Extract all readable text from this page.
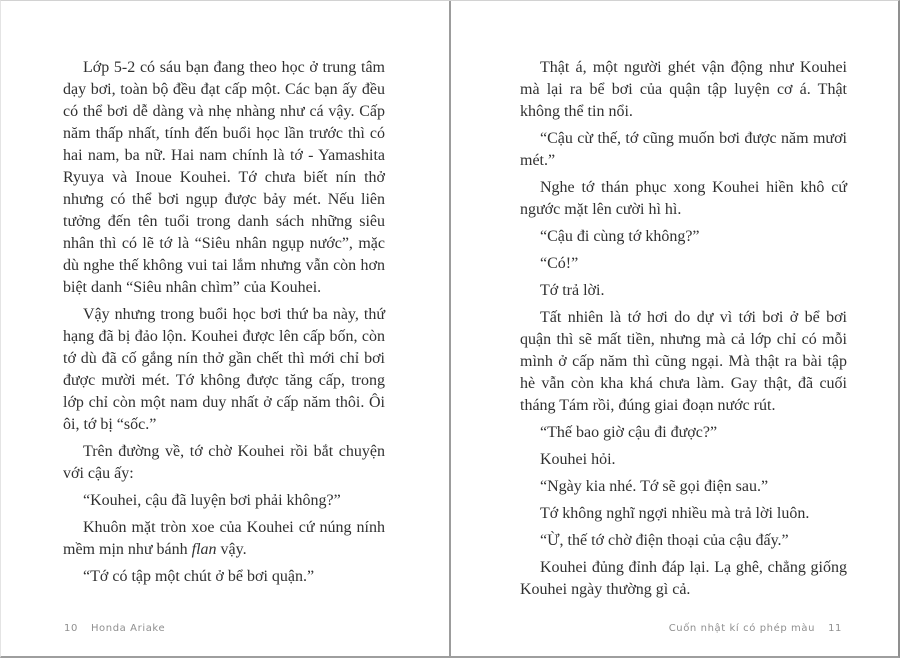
Lớp 5-2 có sáu bạn đang theo học ở trung tâm dạy bơi, toàn bộ đều đạt cấp một. Các bạn ấy đều có thể bơi dễ dàng và nhẹ nhàng như cá vậy. Cấp năm thấp nhất, tính đến buổi học lần trước thì có hai nam, ba nữ. Hai nam chính là tớ - Yamashita Ryuya và Inoue Kouhei. Tớ chưa biết nín thở nhưng có thể bơi ngụp được bảy mét. Nếu liên tưởng đến tên tuổi trong danh sách những siêu nhân thì có lẽ tớ là “Siêu nhân ngụp nước”, mặc dù nghe thế không vui tai lắm nhưng vẫn còn hơn biệt danh “Siêu nhân chìm” của Kouhei.

Vậy nhưng trong buổi học bơi thứ ba này, thứ hạng đã bị đảo lộn. Kouhei được lên cấp bốn, còn tớ dù đã cố gắng nín thở gần chết thì mới chỉ bơi được mười mét. Tớ không được tăng cấp, trong lớp chỉ còn một nam duy nhất ở cấp năm thôi. Ôi ôi, tớ bị “sốc.”

Trên đường về, tớ chờ Kouhei rồi bắt chuyện với cậu ấy:

“Kouhei, cậu đã luyện bơi phải không?”

Khuôn mặt tròn xoe của Kouhei cứ núng nính mềm mịn như bánh flan vậy.

“Tớ có tập một chút ở bể bơi quận.”

10 Honda Ariake

Thật á, một người ghét vận động như Kouhei mà lại ra bể bơi của quận tập luyện cơ á. Thật không thể tin nổi.

“Cậu cừ thế, tớ cũng muốn bơi được năm mươi mét.”

Nghe tớ thán phục xong Kouhei hiền khô cứ ngước mặt lên cười hì hì.

“Cậu đi cùng tớ không?”

“Có!”

Tớ trả lời.

Tất nhiên là tớ hơi do dự vì tới bơi ở bể bơi quận thì sẽ mất tiền, nhưng mà cả lớp chỉ có mỗi mình ở cấp năm thì cũng ngại. Mà thật ra bài tập hè vẫn còn kha khá chưa làm. Gay thật, đã cuối tháng Tám rồi, đúng giai đoạn nước rút.

“Thế bao giờ cậu đi được?”

Kouhei hỏi.

“Ngày kia nhé. Tớ sẽ gọi điện sau.”

Tớ không nghĩ ngợi nhiều mà trả lời luôn.

“Ừ, thế tớ chờ điện thoại của cậu đấy.”

Kouhei đủng đỉnh đáp lại. Lạ ghê, chẳng giống Kouhei ngày thường gì cả.

Cuốn nhật kí có phép màu 11
